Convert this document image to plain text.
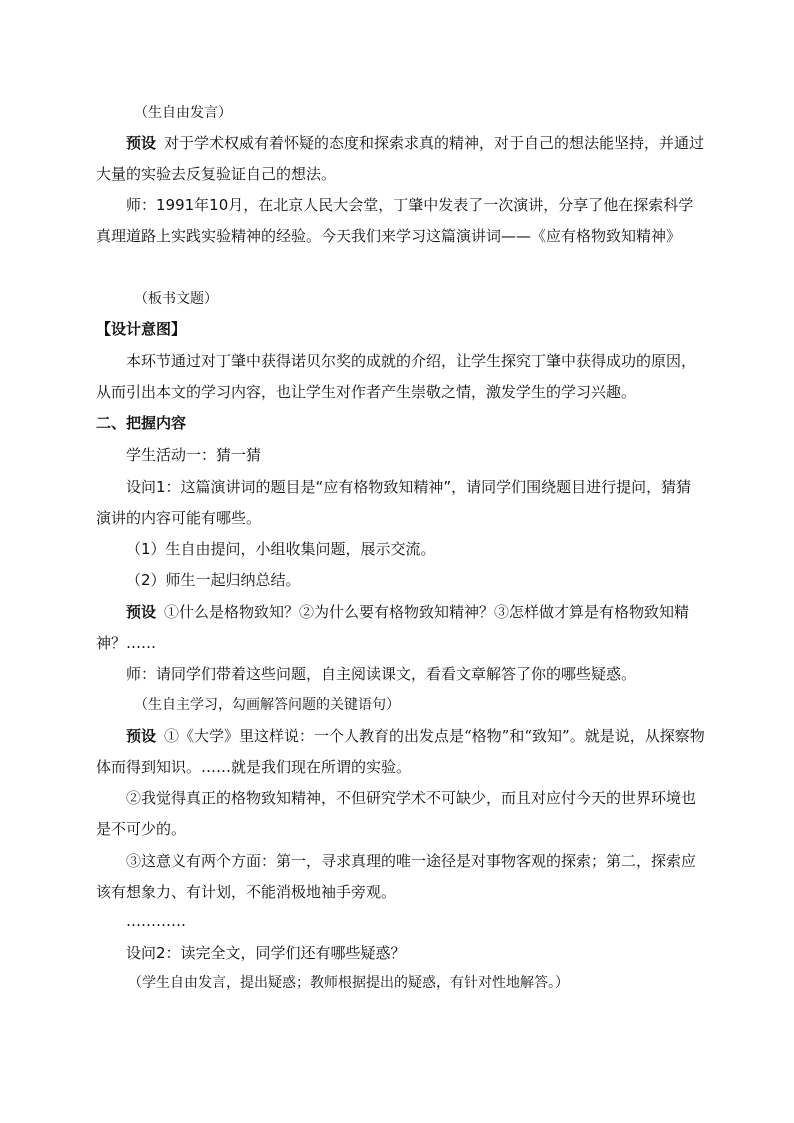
（生自由发言）

预设 对于学术权威有着怀疑的态度和探索求真的精神，对于自己的想法能坚持，并通过大量的实验去反复验证自己的想法。

师：1991年10月，在北京人民大会堂，丁肇中发表了一次演讲，分享了他在探索科学真理道路上实践实验精神的经验。今天我们来学习这篇演讲词——《应有格物致知精神》

（板书文题）

【设计意图】

本环节通过对丁肇中获得诺贝尔奖的成就的介绍，让学生探究丁肇中获得成功的原因，从而引出本文的学习内容，也让学生对作者产生崇敬之情，激发学生的学习兴趣。

二、把握内容

学生活动一：猜一猜

设问1：这篇演讲词的题目是“应有格物致知精神”，请同学们围绕题目进行提问，猜猜演讲的内容可能有哪些。

（1）生自由提问，小组收集问题，展示交流。

（2）师生一起归纳总结。

预设 ①什么是格物致知？②为什么要有格物致知精神？③怎样做才算是有格物致知精神？……

师：请同学们带着这些问题，自主阅读课文，看看文章解答了你的哪些疑惑。

（生自主学习，勾画解答问题的关键语句）

预设 ①《大学》里这样说：一个人教育的出发点是“格物”和“致知”。就是说，从探察物体而得到知识。……就是我们现在所谓的实验。

②我觉得真正的格物致知精神，不但研究学术不可缺少，而且对应付今天的世界环境也是不可少的。

③这意义有两个方面：第一，寻求真理的唯一途径是对事物客观的探索；第二，探索应该有想象力、有计划，不能消极地袖手旁观。

…………

设问2：读完全文，同学们还有哪些疑惑？

（学生自由发言，提出疑惑；教师根据提出的疑惑，有针对性地解答。）
